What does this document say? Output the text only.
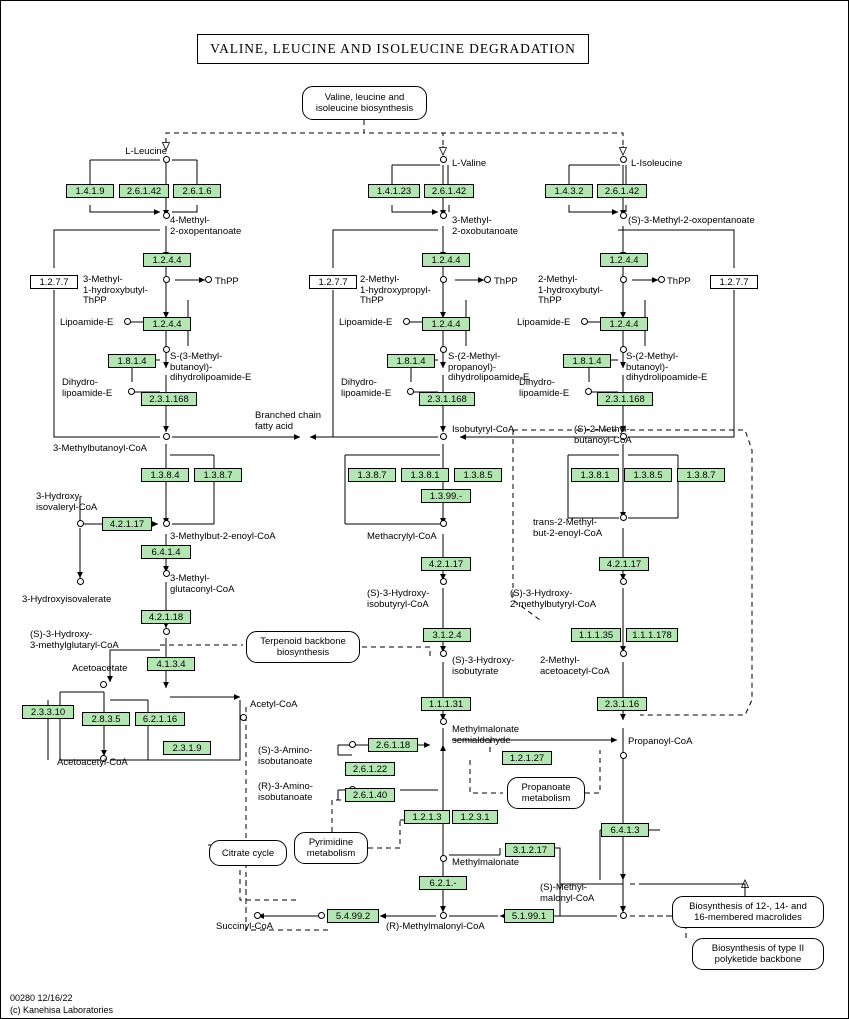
VALINE, LEUCINE AND ISOLEUCINE DEGRADATION
Valine, leucine and
isoleucine biosynthesis
Terpenoid backbone
biosynthesis
Propanoate
metabolism
Citrate cycle
Pyrimidine
metabolism
Biosynthesis of 12-, 14- and
16-membered macrolides
Biosynthesis of type II
polyketide backbone
1.4.1.9	2.6.1.42	2.6.1.6	1.4.1.23	2.6.1.42	1.4.3.2	2.6.1.42
1.2.7.7	1.2.7.7	1.2.7.7
1.2.4.4	1.2.4.4	1.2.4.4
1.2.4.4	1.2.4.4	1.2.4.4
1.8.1.4	1.8.1.4	1.8.1.4
2.3.1.168	2.3.1.168	2.3.1.168
1.3.8.4	1.3.8.7	1.3.8.7	1.3.8.1	1.3.8.5
1.3.99.-
1.3.8.1	1.3.8.5	1.3.8.7
4.2.1.17
6.4.1.4
4.2.1.17	4.2.1.17
4.2.1.18
3.1.2.4	1.1.1.35	1.1.1.178
4.1.3.4
1.1.1.31	2.3.1.16
2.3.3.10
2.8.3.5	6.2.1.16
2.3.1.9	2.6.1.18
2.6.1.22
1.2.1.27
2.6.1.40
1.2.1.3	1.2.3.1
6.4.1.3
3.1.2.17
6.2.1.-
5.4.99.2	5.1.99.1
L-Leucine
L-Valine	L-Isoleucine
4-Methyl-
2-oxopentanoate
3-Methyl-
2-oxobutanoate
(S)-3-Methyl-2-oxopentanoate
ThPP	ThPP	ThPP
3-Methyl-
1-hydroxybutyl-
ThPP
2-Methyl-
1-hydroxypropyl-
ThPP
2-Methyl-
1-hydroxybutyl-
ThPP
Lipoamide-E	Lipoamide-E	Lipoamide-E
S-(3-Methyl-
butanoyl)-
dihydrolipoamide-E
S-(2-Methyl-
propanoyl)-
dihydrolipoamide-E
S-(2-Methyl-
butanoyl)-
dihydrolipoamide-E
Dihydro-
lipoamide-E
Dihydro-
lipoamide-E
Dihydro-
lipoamide-E
Branched chain
fatty acid
3-Methylbutanoyl-CoA
Isobutyryl-CoA	(S)-2-Methyl-
butanoyl-CoA
3-Hydroxy-
isovaleryl-CoA
3-Methylbut-2-enoyl-CoA	Methacrylyl-CoA
trans-2-Methyl-
but-2-enoyl-CoA
3-Hydroxyisovalerate
3-Methyl-
glutaconyl-CoA	(S)-3-Hydroxy-
isobutyryl-CoA
(S)-3-Hydroxy-
2-methylbutyryl-CoA
(S)-3-Hydroxy-
3-methylglutaryl-CoA
(S)-3-Hydroxy-
isobutyrate
2-Methyl-
acetoacetyl-CoA
Acetoacetate
Acetyl-CoA
Methylmalonate
semialdehyde	Propanoyl-CoA
Acetoacetyl-CoA
(S)-3-Amino-
isobutanoate
(R)-3-Amino-
isobutanoate
Methylmalonate
(S)-Methyl-
malonyl-CoA
Succinyl-CoA	(R)-Methylmalonyl-CoA
00280 12/16/22
(c) Kanehisa Laboratories
